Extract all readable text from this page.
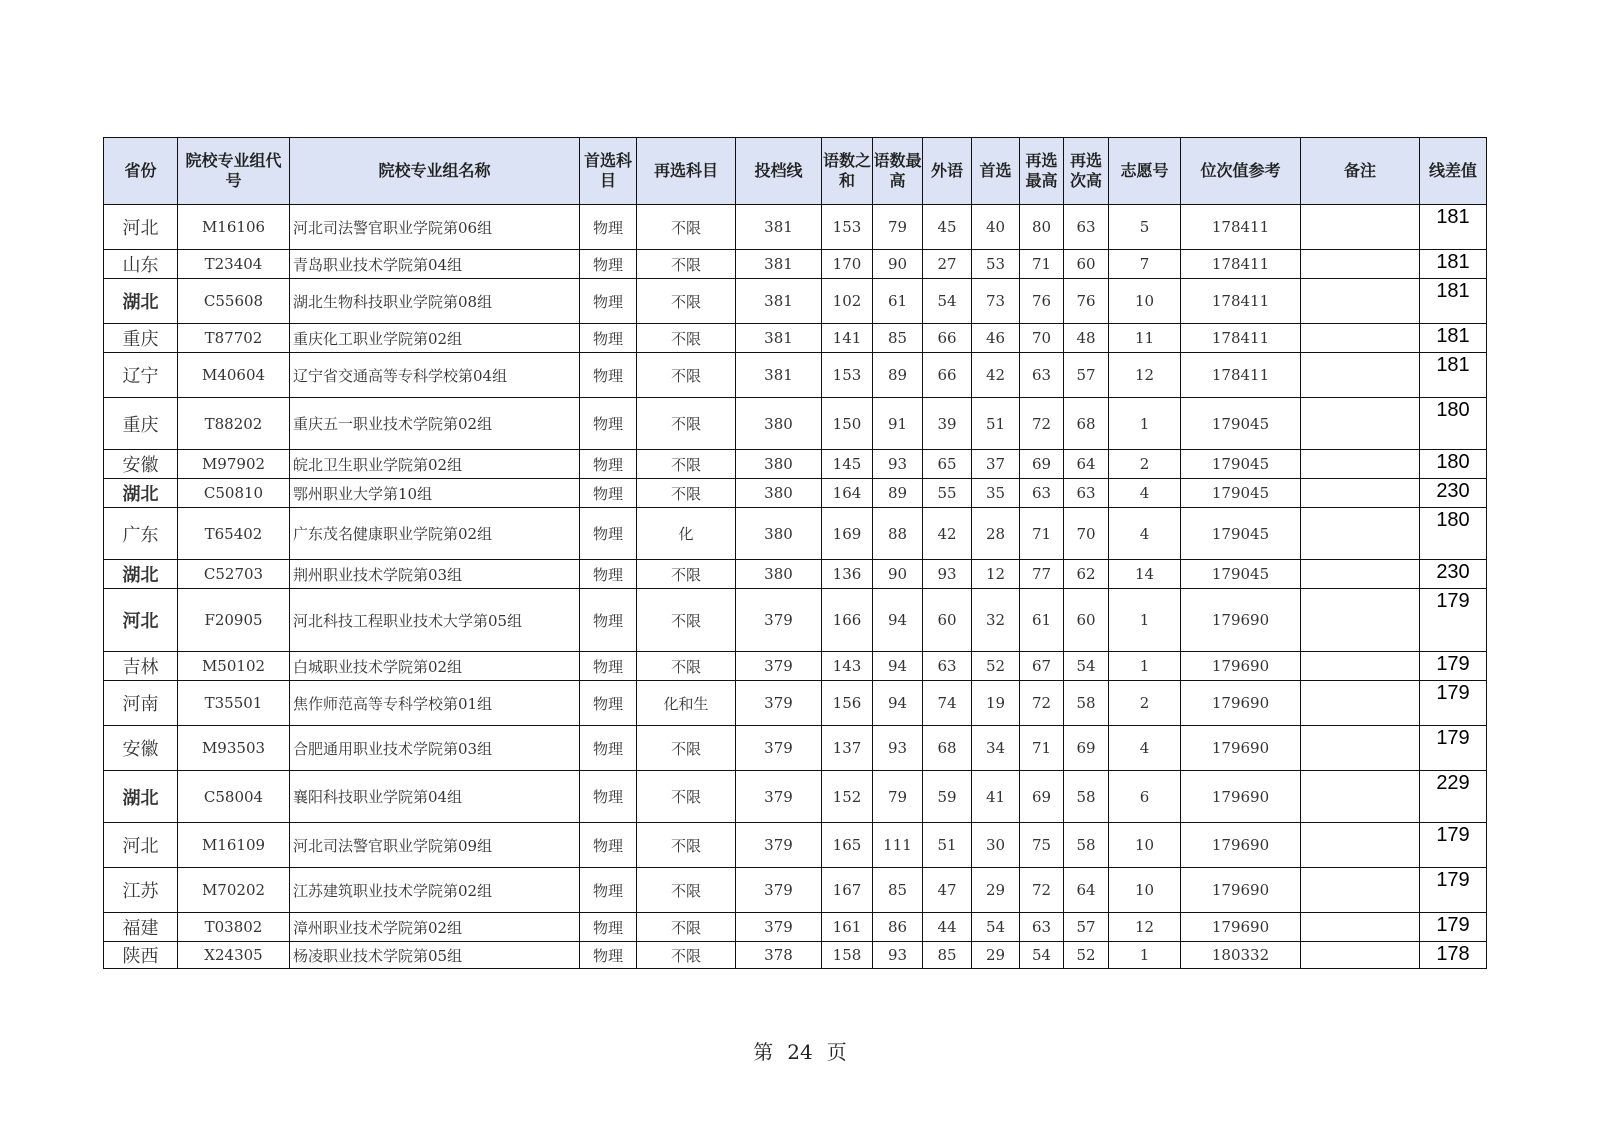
省份	院校专业组代号	院校专业组名称	首选科目	再选科目	投档线	语数之和	语数最高	外语	首选	再选最高	再选次高	志愿号	位次值参考	备注	线差值
河北	M16106	河北司法警官职业学院第06组	物理	不限	381	153	79	45	40	80	63	5	178411		181
山东	T23404	青岛职业技术学院第04组	物理	不限	381	170	90	27	53	71	60	7	178411		181
湖北	C55608	湖北生物科技职业学院第08组	物理	不限	381	102	61	54	73	76	76	10	178411		181
重庆	T87702	重庆化工职业学院第02组	物理	不限	381	141	85	66	46	70	48	11	178411		181
辽宁	M40604	辽宁省交通高等专科学校第04组	物理	不限	381	153	89	66	42	63	57	12	178411		181
重庆	T88202	重庆五一职业技术学院第02组	物理	不限	380	150	91	39	51	72	68	1	179045		180
安徽	M97902	皖北卫生职业学院第02组	物理	不限	380	145	93	65	37	69	64	2	179045		180
湖北	C50810	鄂州职业大学第10组	物理	不限	380	164	89	55	35	63	63	4	179045		230
广东	T65402	广东茂名健康职业学院第02组	物理	化	380	169	88	42	28	71	70	4	179045		180
湖北	C52703	荆州职业技术学院第03组	物理	不限	380	136	90	93	12	77	62	14	179045		230
河北	F20905	河北科技工程职业技术大学第05组	物理	不限	379	166	94	60	32	61	60	1	179690		179
吉林	M50102	白城职业技术学院第02组	物理	不限	379	143	94	63	52	67	54	1	179690		179
河南	T35501	焦作师范高等专科学校第01组	物理	化和生	379	156	94	74	19	72	58	2	179690		179
安徽	M93503	合肥通用职业技术学院第03组	物理	不限	379	137	93	68	34	71	69	4	179690		179
湖北	C58004	襄阳科技职业学院第04组	物理	不限	379	152	79	59	41	69	58	6	179690		229
河北	M16109	河北司法警官职业学院第09组	物理	不限	379	165	111	51	30	75	58	10	179690		179
江苏	M70202	江苏建筑职业技术学院第02组	物理	不限	379	167	85	47	29	72	64	10	179690		179
福建	T03802	漳州职业技术学院第02组	物理	不限	379	161	86	44	54	63	57	12	179690		179
陕西	X24305	杨凌职业技术学院第05组	物理	不限	378	158	93	85	29	54	52	1	180332		178
第 24 页
